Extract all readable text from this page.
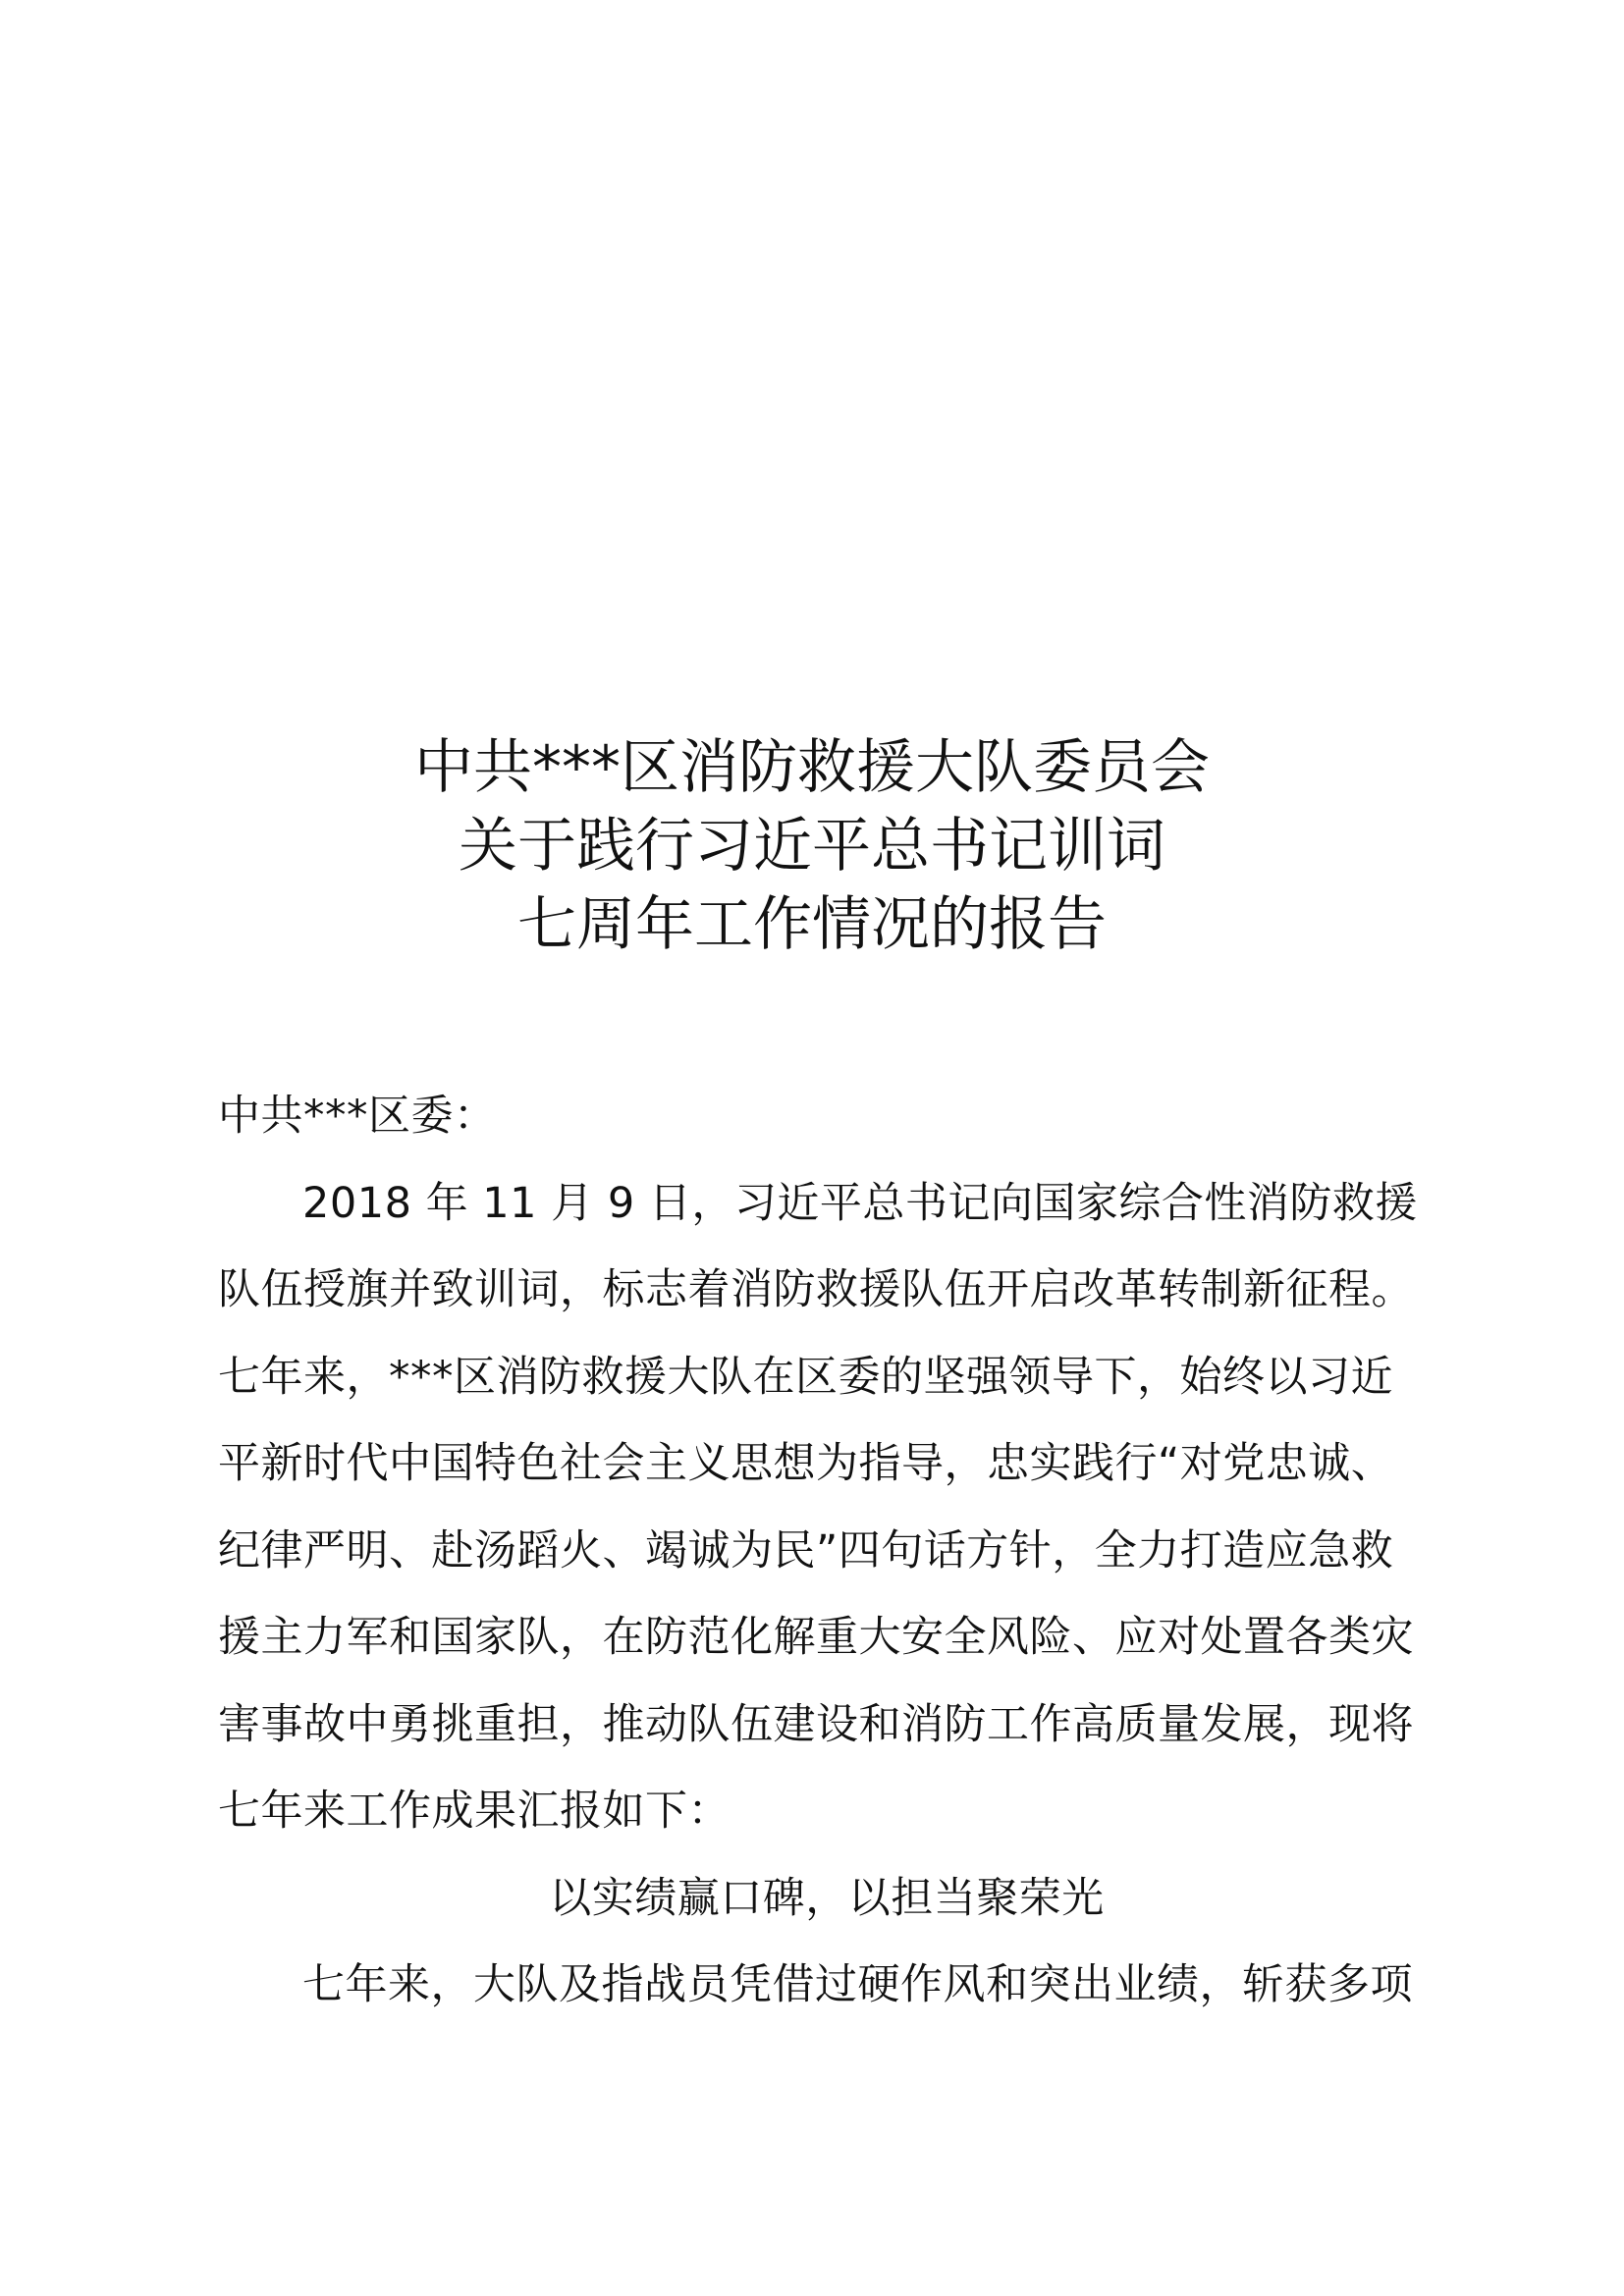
中共***区消防救援大队委员会
关于践行习近平总书记训词
七周年工作情况的报告
中共***区委：
2018 年 11 月 9 日，习近平总书记向国家综合性消防救援
队伍授旗并致训词，标志着消防救援队伍开启改革转制新征程。
七年来，***区消防救援大队在区委的坚强领导下，始终以习近
平新时代中国特色社会主义思想为指导，忠实践行“对党忠诚、
纪律严明、赴汤蹈火、竭诚为民”四句话方针，全力打造应急救
援主力军和国家队，在防范化解重大安全风险、应对处置各类灾
害事故中勇挑重担，推动队伍建设和消防工作高质量发展，现将
七年来工作成果汇报如下：
以实绩赢口碑，以担当聚荣光
七年来，大队及指战员凭借过硬作风和突出业绩，斩获多项
